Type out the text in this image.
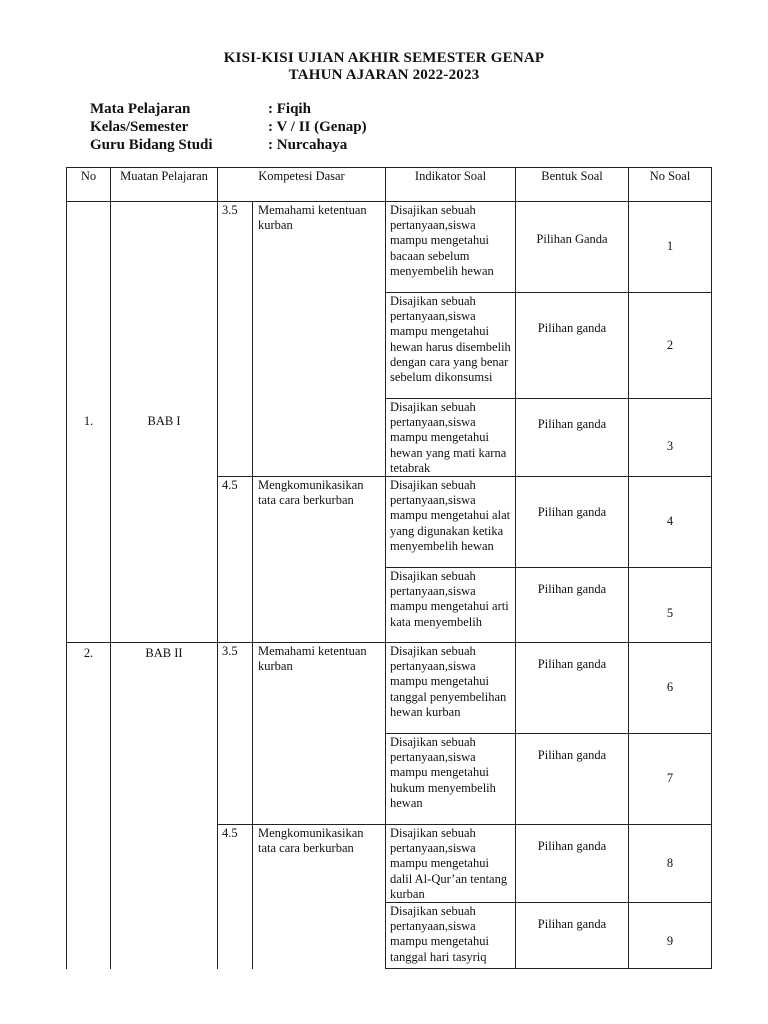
KISI-KISI UJIAN AKHIR SEMESTER GENAP
TAHUN AJARAN 2022-2023
Mata Pelajaran	: Fiqih
Kelas/Semester	: V / II (Genap)
Guru Bidang Studi	: Nurcahaya
No	Muatan Pelajaran	Kompetesi Dasar		Indikator Soal	Bentuk Soal	No Soal
1.	BAB I	3.5	Memahami ketentuan kurban	Disajikan sebuah pertanyaan,siswa mampu mengetahui bacaan sebelum menyembelih hewan	Pilihan Ganda	1
				Disajikan sebuah pertanyaan,siswa mampu mengetahui hewan harus disembelih dengan cara yang benar sebelum dikonsumsi	Pilihan ganda	2
				Disajikan sebuah pertanyaan,siswa mampu mengetahui hewan yang mati karna tetabrak	Pilihan ganda	3
		4.5	Mengkomunikasikan tata cara berkurban	Disajikan sebuah pertanyaan,siswa mampu mengetahui alat yang digunakan ketika menyembelih hewan	Pilihan ganda	4
				Disajikan sebuah pertanyaan,siswa mampu mengetahui arti kata menyembelih	Pilihan ganda	5
2.	BAB II	3.5	Memahami ketentuan kurban	Disajikan sebuah pertanyaan,siswa mampu mengetahui tanggal penyembelihan hewan kurban	Pilihan ganda	6
				Disajikan sebuah pertanyaan,siswa mampu mengetahui hukum menyembelih hewan	Pilihan ganda	7
		4.5	Mengkomunikasikan tata cara berkurban	Disajikan sebuah pertanyaan,siswa mampu mengetahui dalil Al-Qur’an tentang kurban	Pilihan ganda	8
				Disajikan sebuah pertanyaan,siswa mampu mengetahui tanggal hari tasyriq	Pilihan ganda	9
